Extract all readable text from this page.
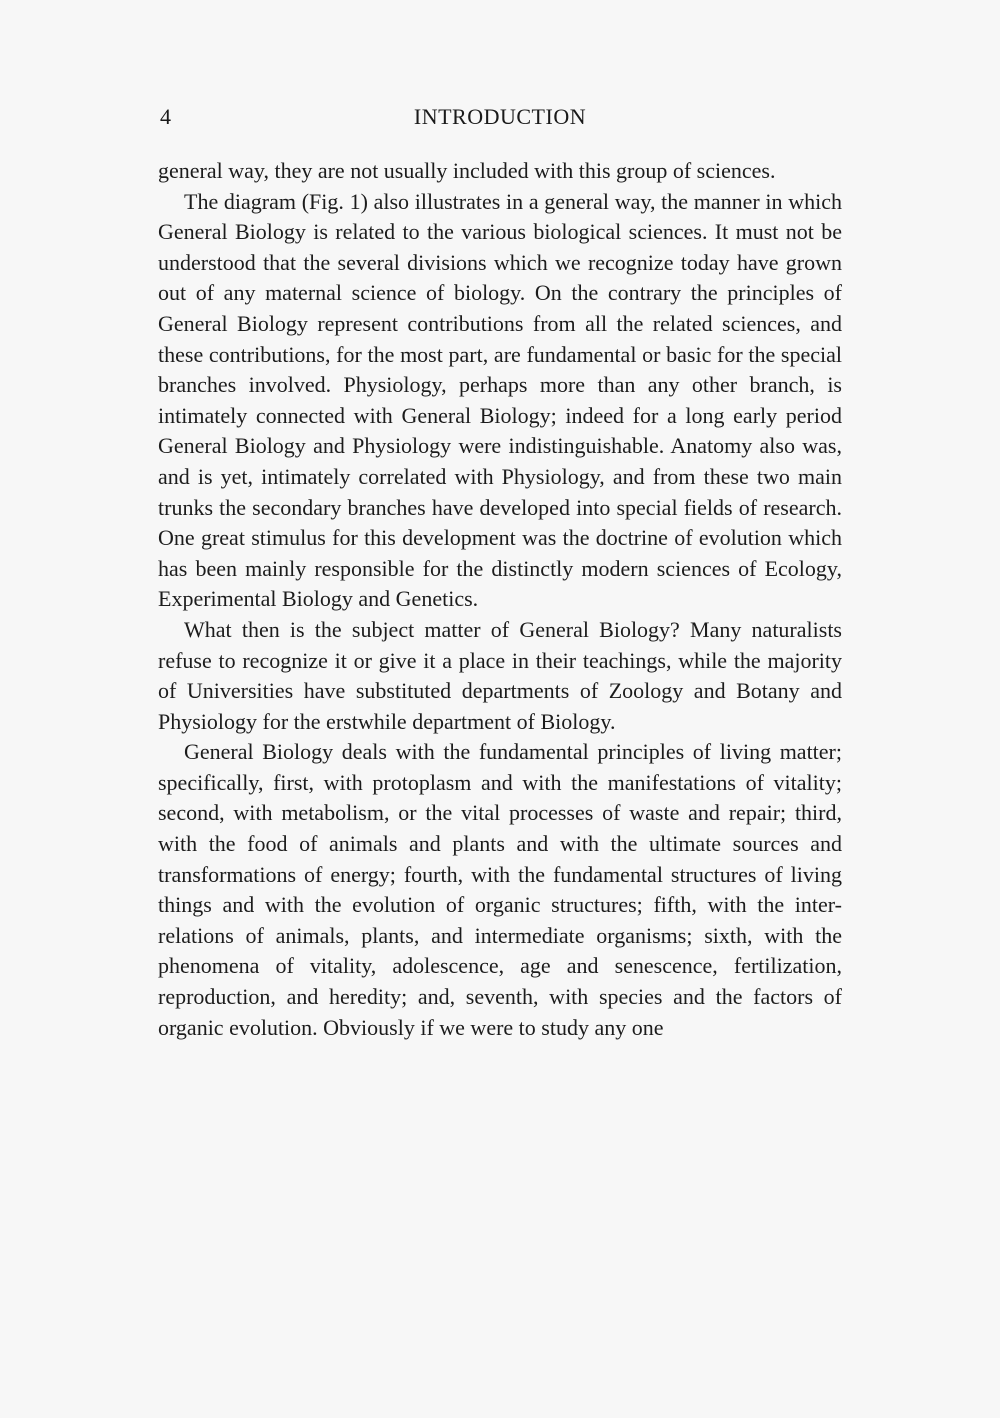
4	INTRODUCTION

general way, they are not usually included with this group of sciences.

The diagram (Fig. 1) also illustrates in a general way, the manner in which General Biology is related to the various biological sciences. It must not be understood that the several divisions which we recognize today have grown out of any maternal science of biology. On the contrary the principles of General Biology represent contributions from all the related sciences, and these contributions, for the most part, are fundamental or basic for the special branches involved. Physiology, perhaps more than any other branch, is intimately connected with General Biology; indeed for a long early period General Biology and Physiology were indistinguishable. Anatomy also was, and is yet, intimately correlated with Physiology, and from these two main trunks the secondary branches have developed into special fields of research. One great stimulus for this development was the doctrine of evolution which has been mainly responsible for the distinctly modern sciences of Ecology, Experimental Biology and Genetics.

What then is the subject matter of General Biology? Many naturalists refuse to recognize it or give it a place in their teachings, while the majority of Universities have substituted departments of Zoology and Botany and Physiology for the erstwhile department of Biology.

General Biology deals with the fundamental principles of living matter; specifically, first, with protoplasm and with the manifestations of vitality; second, with metabolism, or the vital processes of waste and repair; third, with the food of animals and plants and with the ultimate sources and transformations of energy; fourth, with the fundamental structures of living things and with the evolution of organic structures; fifth, with the inter-relations of animals, plants, and intermediate organisms; sixth, with the phenomena of vitality, adolescence, age and senescence, fertilization, reproduction, and heredity; and, seventh, with species and the factors of organic evolution. Obviously if we were to study any one
